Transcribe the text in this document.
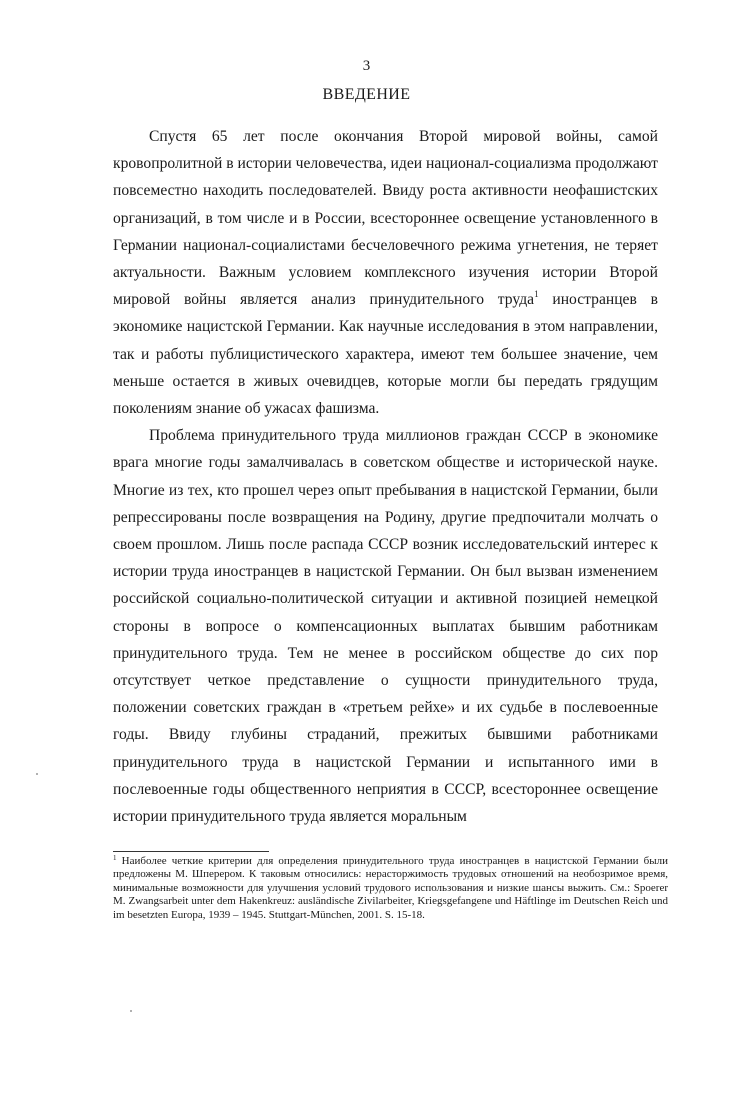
3
ВВЕДЕНИЕ

Спустя 65 лет после окончания Второй мировой войны, самой кровопролитной в истории человечества, идеи национал-социализма продолжают повсеместно находить последователей. Ввиду роста активности неофашистских организаций, в том числе и в России, всестороннее освещение установленного в Германии национал-социалистами бесчеловечного режима угнетения, не теряет актуальности. Важным условием комплексного изучения истории Второй мировой войны является анализ принудительного труда$^1$ иностранцев в экономике нацистской Германии. Как научные исследования в этом направлении, так и работы публицистического характера, имеют тем большее значение, чем меньше остается в живых очевидцев, которые могли бы передать грядущим поколениям знание об ужасах фашизма.

Проблема принудительного труда миллионов граждан СССР в экономике врага многие годы замалчивалась в советском обществе и исторической науке. Многие из тех, кто прошел через опыт пребывания в нацистской Германии, были репрессированы после возвращения на Родину, другие предпочитали молчать о своем прошлом. Лишь после распада СССР возник исследовательский интерес к истории труда иностранцев в нацистской Германии. Он был вызван изменением российской социально-политической ситуации и активной позицией немецкой стороны в вопросе о компенсационных выплатах бывшим работникам принудительного труда. Тем не менее в российском обществе до сих пор отсутствует четкое представление о сущности принудительного труда, положении советских граждан в «третьем рейхе» и их судьбе в послевоенные годы. Ввиду глубины страданий, прежитых бывшими работниками принудительного труда в нацистской Германии и испытанного ими в послевоенные годы общественного неприятия в СССР, всестороннее освещение истории принудительного труда является моральным

$^1$ Наиболее четкие критерии для определения принудительного труда иностранцев в нацистской Германии были предложены М. Шперером. К таковым относились: нерасторжимость трудовых отношений на необозримое время, минимальные возможности для улучшения условий трудового использования и низкие шансы выжить. См.: Spoerer M. Zwangsarbeit unter dem Hakenkreuz: ausländische Zivilarbeiter, Kriegsgefangene und Häftlinge im Deutschen Reich und im besetzten Europa, 1939 – 1945. Stuttgart-München, 2001. S. 15-18.
